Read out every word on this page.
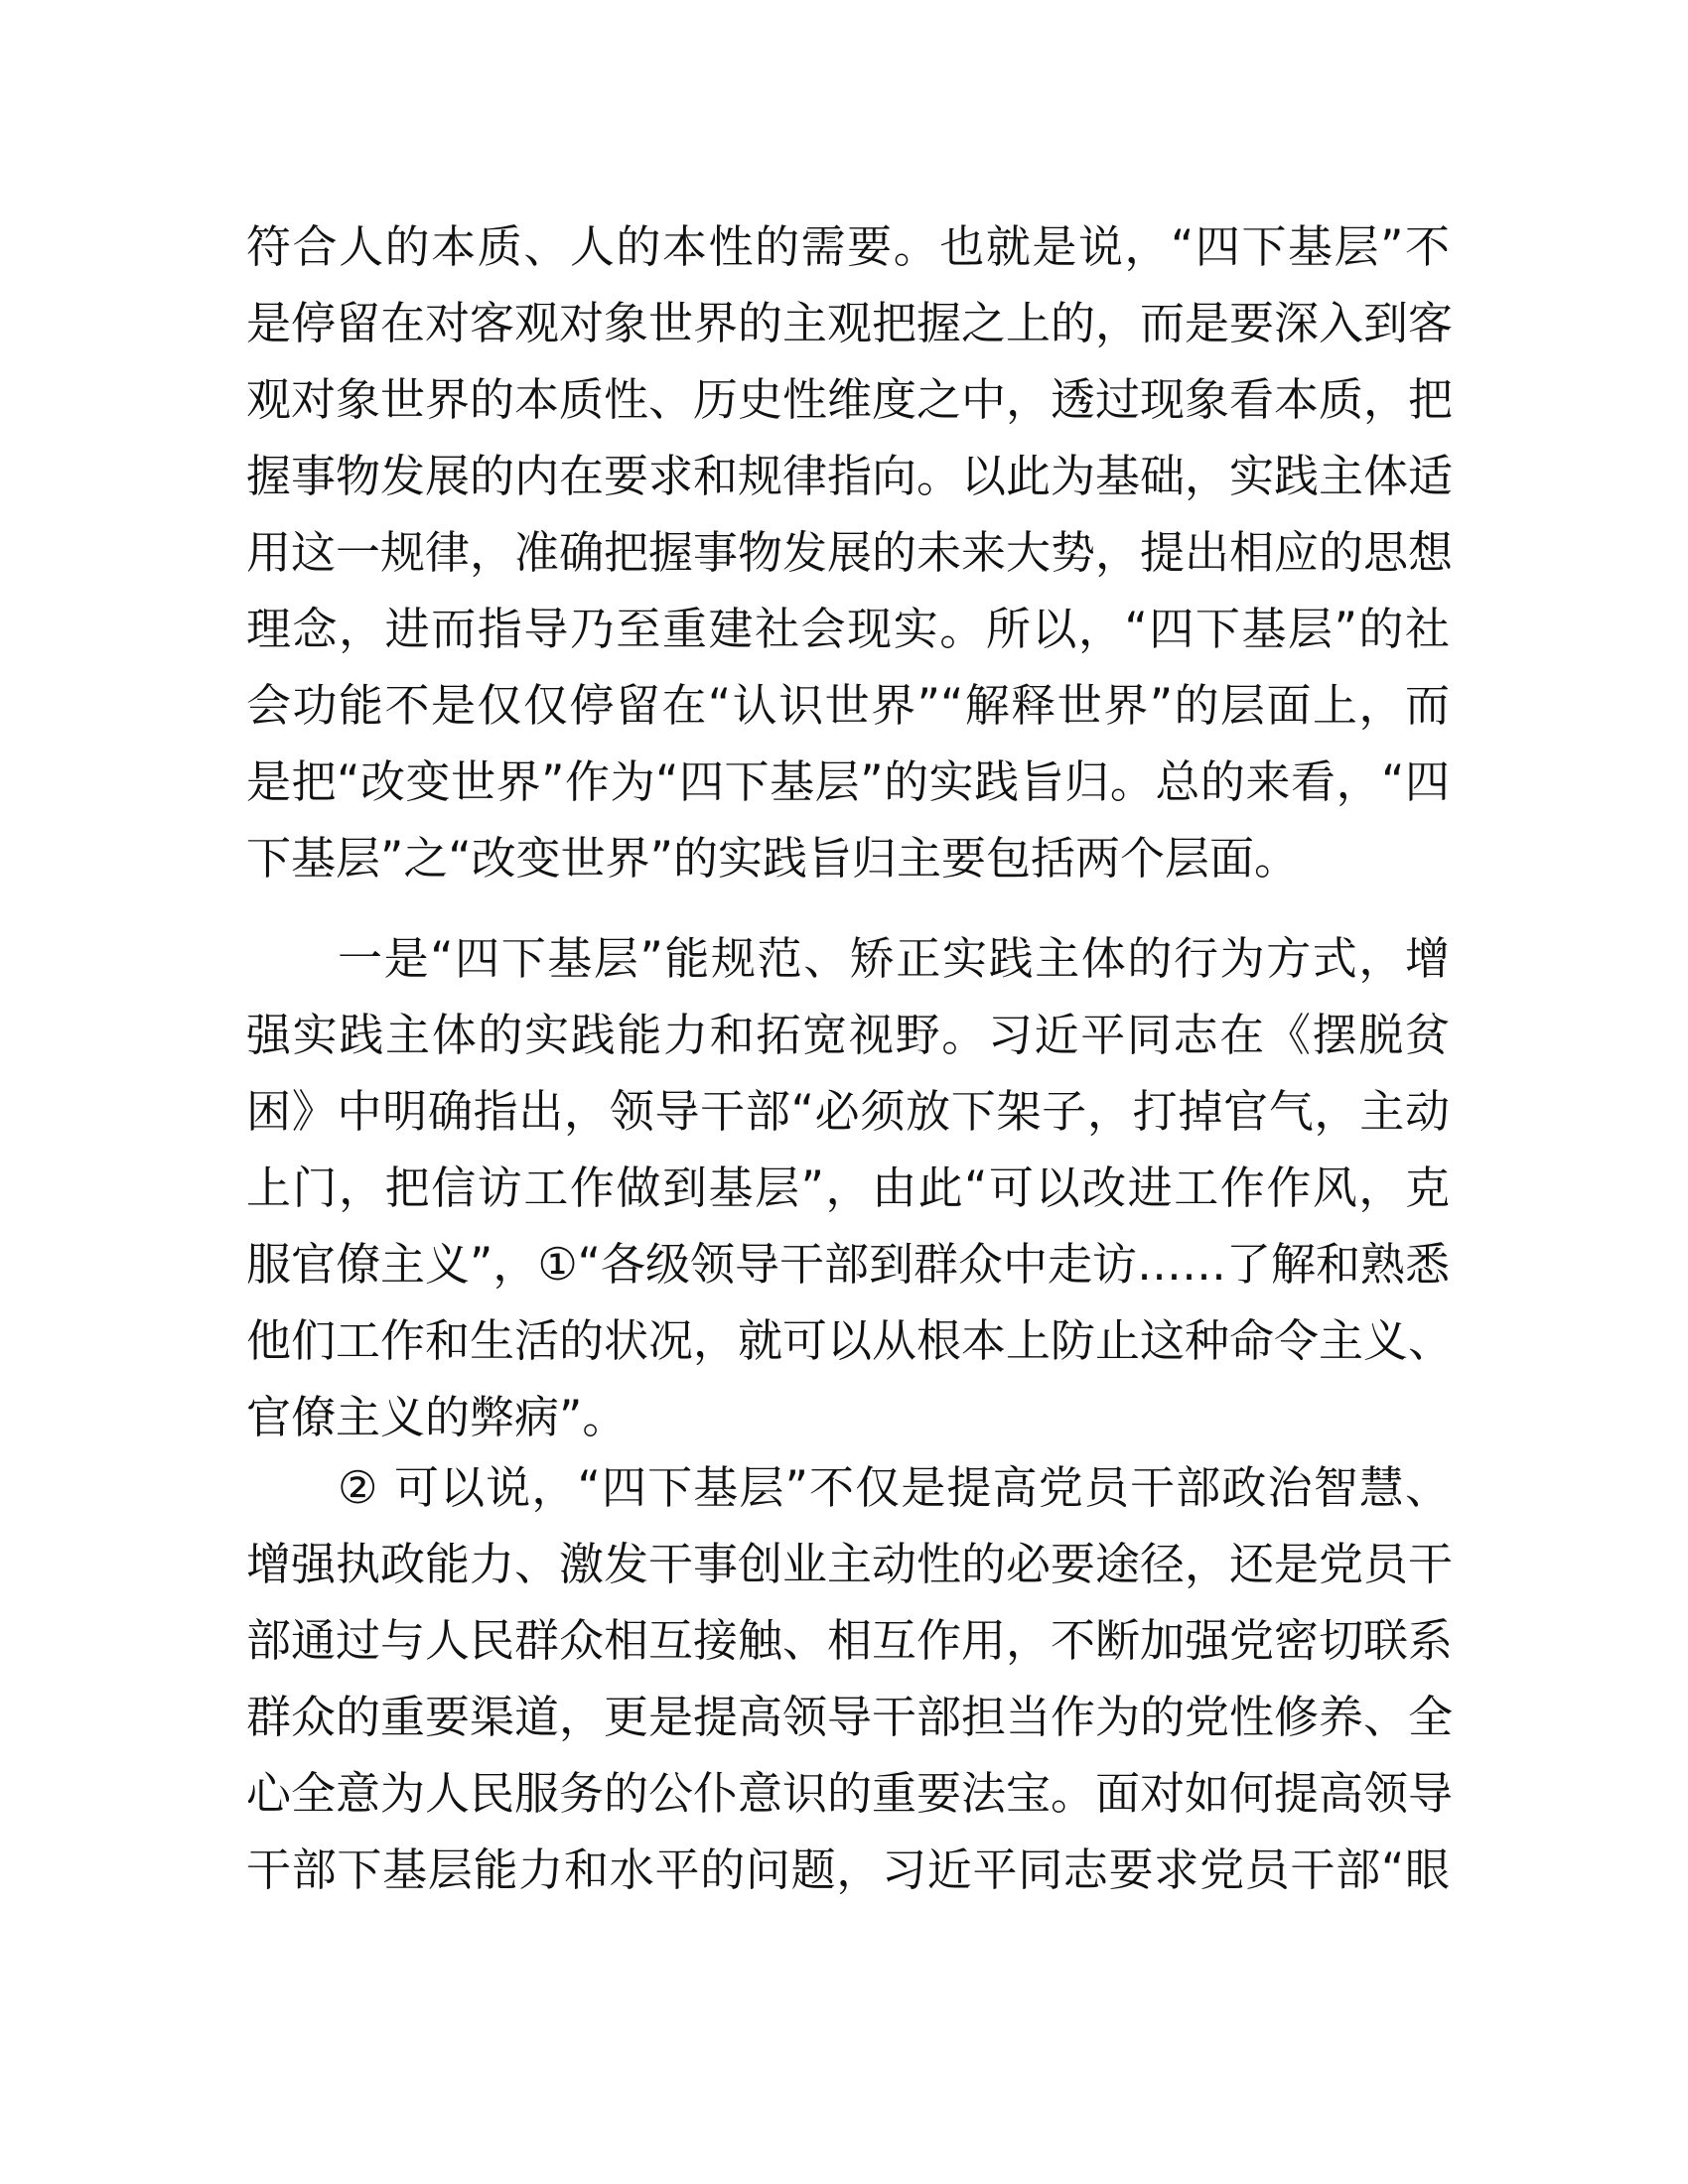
符合人的本质、人的本性的需要。也就是说，“四下基层”不
是停留在对客观对象世界的主观把握之上的，而是要深入到客
观对象世界的本质性、历史性维度之中，透过现象看本质，把
握事物发展的内在要求和规律指向。以此为基础，实践主体适
用这一规律，准确把握事物发展的未来大势，提出相应的思想
理念，进而指导乃至重建社会现实。所以，“四下基层”的社
会功能不是仅仅停留在“认识世界”“解释世界”的层面上，而
是把“改变世界”作为“四下基层”的实践旨归。总的来看，“四
下基层”之“改变世界”的实践旨归主要包括两个层面。
一是“四下基层”能规范、矫正实践主体的行为方式，增
强实践主体的实践能力和拓宽视野。习近平同志在《摆脱贫
困》中明确指出，领导干部“必须放下架子，打掉官气，主动
上门，把信访工作做到基层”，由此“可以改进工作作风，克
服官僚主义”，①“各级领导干部到群众中走访……了解和熟悉
他们工作和生活的状况，就可以从根本上防止这种命令主义、
官僚主义的弊病”。
② 可以说，“四下基层”不仅是提高党员干部政治智慧、
增强执政能力、激发干事创业主动性的必要途径，还是党员干
部通过与人民群众相互接触、相互作用，不断加强党密切联系
群众的重要渠道，更是提高领导干部担当作为的党性修养、全
心全意为人民服务的公仆意识的重要法宝。面对如何提高领导
干部下基层能力和水平的问题，习近平同志要求党员干部“眼
